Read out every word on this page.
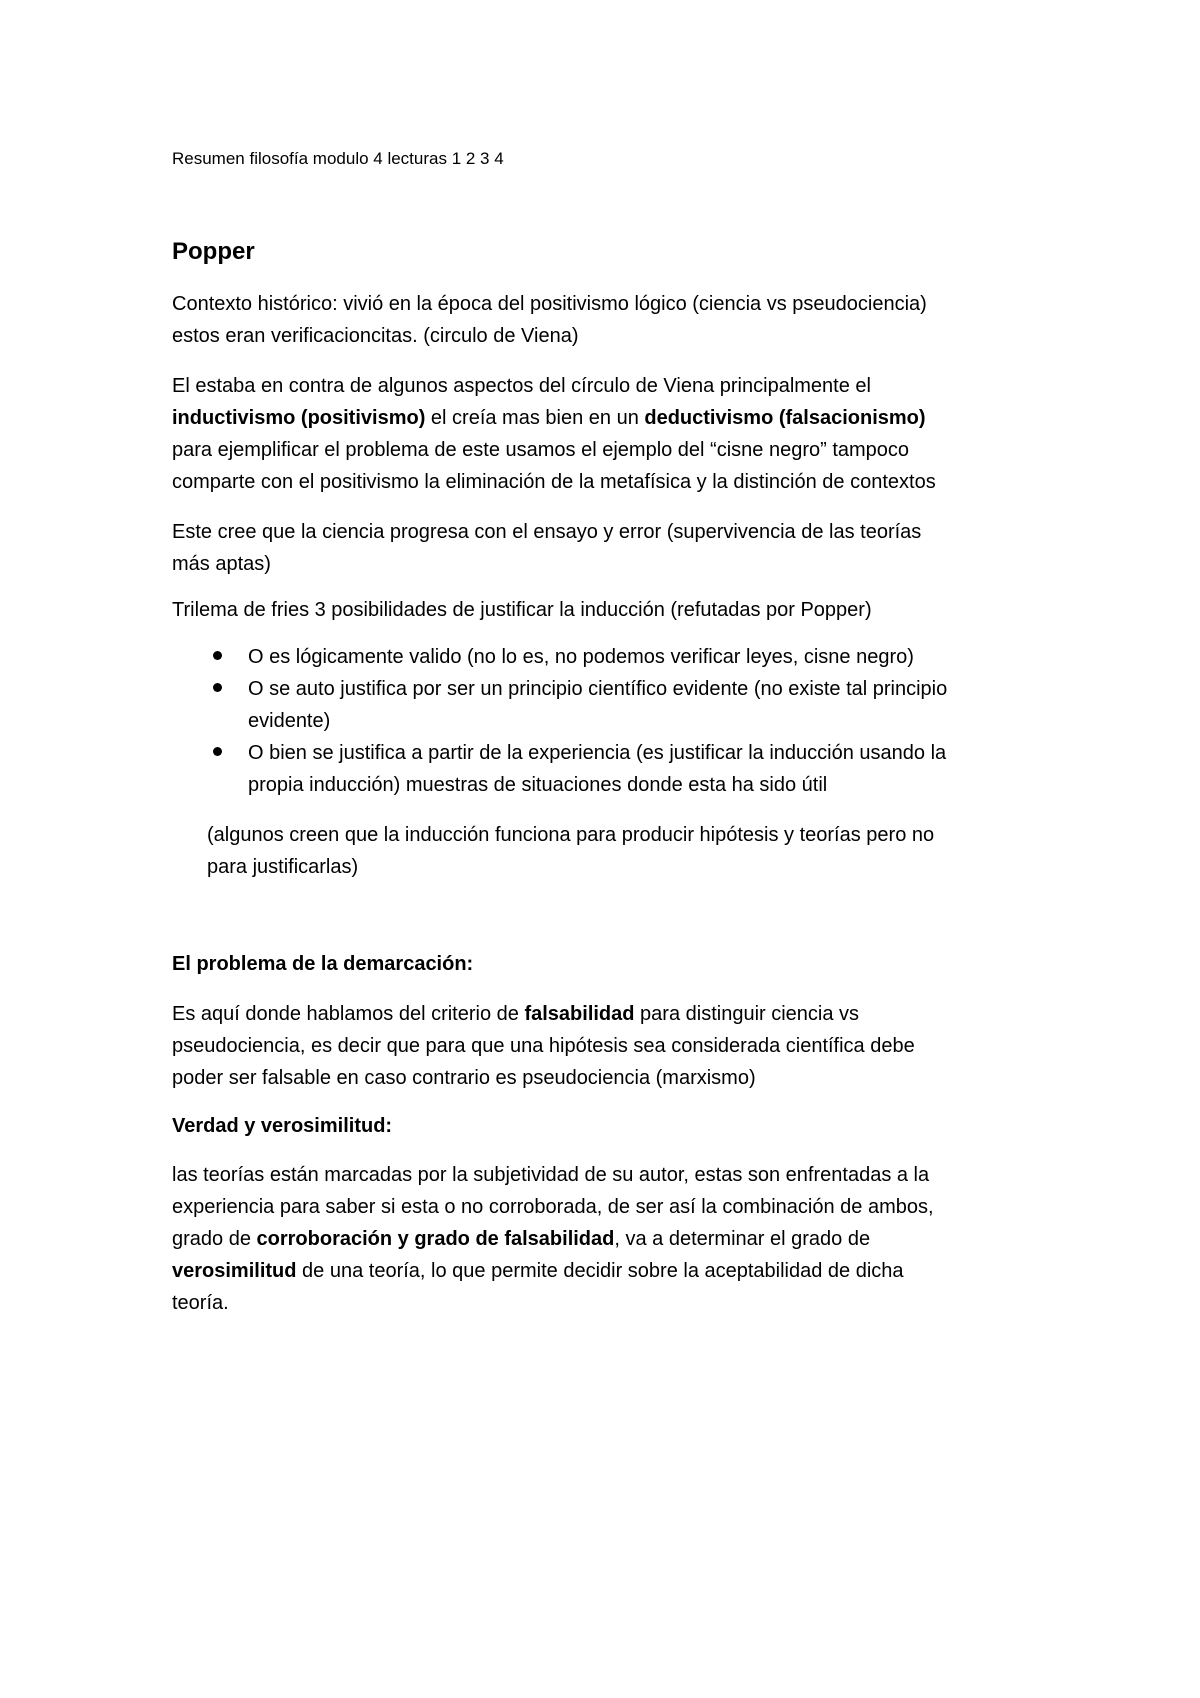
Resumen filosofía modulo 4 lecturas 1 2 3 4
Popper
Contexto histórico: vivió en la época del positivismo lógico (ciencia vs pseudociencia)
estos eran verificacioncitas. (circulo de Viena)
El estaba en contra de algunos aspectos del círculo de Viena principalmente el
inductivismo (positivismo) el creía mas bien en un deductivismo (falsacionismo)
para ejemplificar el problema de este usamos el ejemplo del “cisne negro” tampoco
comparte con el positivismo la eliminación de la metafísica y la distinción de contextos
Este cree que la ciencia progresa con el ensayo y error (supervivencia de las teorías
más aptas)
Trilema de fries 3 posibilidades de justificar la inducción (refutadas por Popper)
O es lógicamente valido (no lo es, no podemos verificar leyes, cisne negro)
O se auto justifica por ser un principio científico evidente (no existe tal principio
evidente)
O bien se justifica a partir de la experiencia (es justificar la inducción usando la
propia inducción) muestras de situaciones donde esta ha sido útil
(algunos creen que la inducción funciona para producir hipótesis y teorías pero no
para justificarlas)
El problema de la demarcación:
Es aquí donde hablamos del criterio de falsabilidad para distinguir ciencia vs
pseudociencia, es decir que para que una hipótesis sea considerada científica debe
poder ser falsable en caso contrario es pseudociencia (marxismo)
Verdad y verosimilitud:
las teorías están marcadas por la subjetividad de su autor, estas son enfrentadas a la
experiencia para saber si esta o no corroborada, de ser así la combinación de ambos,
grado de corroboración y grado de falsabilidad, va a determinar el grado de
verosimilitud de una teoría, lo que permite decidir sobre la aceptabilidad de dicha
teoría.
